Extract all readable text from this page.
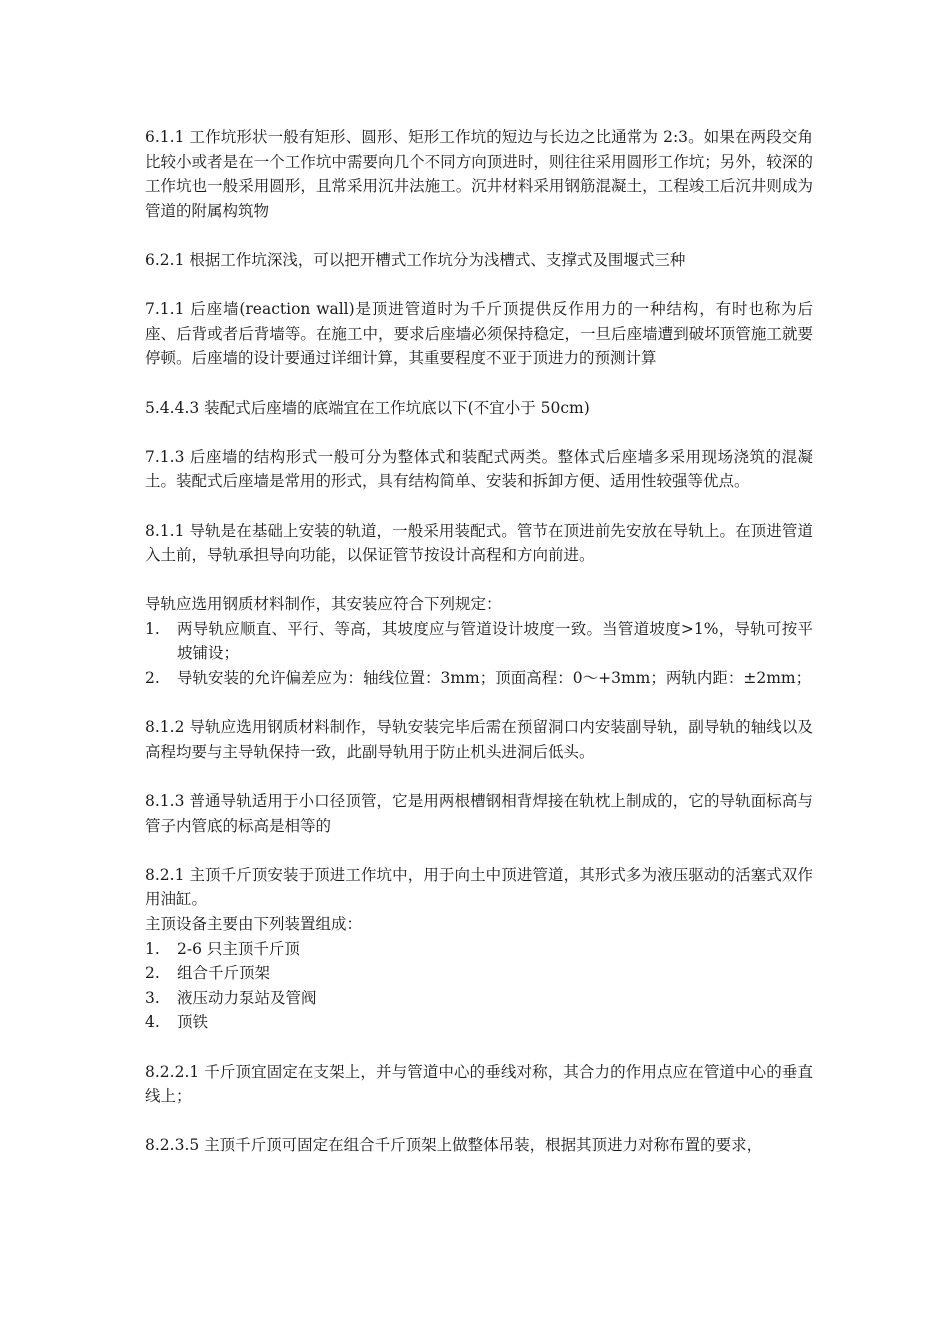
6.1.1 工作坑形状一般有矩形、圆形、矩形工作坑的短边与长边之比通常为 2:3。如果在两段交角比较小或者是在一个工作坑中需要向几个不同方向顶进时，则往往采用圆形工作坑；另外，较深的工作坑也一般采用圆形，且常采用沉井法施工。沉井材料采用钢筋混凝土，工程竣工后沉井则成为管道的附属构筑物

6.2.1 根据工作坑深浅，可以把开槽式工作坑分为浅槽式、支撑式及围堰式三种

7.1.1 后座墙(reaction wall)是顶进管道时为千斤顶提供反作用力的一种结构，有时也称为后座、后背或者后背墙等。在施工中，要求后座墙必须保持稳定，一旦后座墙遭到破坏顶管施工就要停顿。后座墙的设计要通过详细计算，其重要程度不亚于顶进力的预测计算

5.4.4.3 装配式后座墙的底端宜在工作坑底以下(不宜小于 50cm)

7.1.3 后座墙的结构形式一般可分为整体式和装配式两类。整体式后座墙多采用现场浇筑的混凝土。装配式后座墙是常用的形式，具有结构简单、安装和拆卸方便、适用性较强等优点。

8.1.1 导轨是在基础上安装的轨道，一般采用装配式。管节在顶进前先安放在导轨上。在顶进管道入土前，导轨承担导向功能，以保证管节按设计高程和方向前进。

导轨应选用钢质材料制作，其安装应符合下列规定：

1. 两导轨应顺直、平行、等高，其坡度应与管道设计坡度一致。当管道坡度>1%，导轨可按平坡铺设；
2. 导轨安装的允许偏差应为：轴线位置：3mm；顶面高程：0～+3mm；两轨内距：±2mm；

8.1.2 导轨应选用钢质材料制作，导轨安装完毕后需在预留洞口内安装副导轨，副导轨的轴线以及高程均要与主导轨保持一致，此副导轨用于防止机头进洞后低头。

8.1.3 普通导轨适用于小口径顶管，它是用两根槽钢相背焊接在轨枕上制成的，它的导轨面标高与管子内管底的标高是相等的

8.2.1 主顶千斤顶安装于顶进工作坑中，用于向土中顶进管道，其形式多为液压驱动的活塞式双作用油缸。

主顶设备主要由下列装置组成：

1. 2-6 只主顶千斤顶
2. 组合千斤顶架
3. 液压动力泵站及管阀
4. 顶铁

8.2.2.1 千斤顶宜固定在支架上，并与管道中心的垂线对称，其合力的作用点应在管道中心的垂直线上；

8.2.3.5 主顶千斤顶可固定在组合千斤顶架上做整体吊装，根据其顶进力对称布置的要求，
